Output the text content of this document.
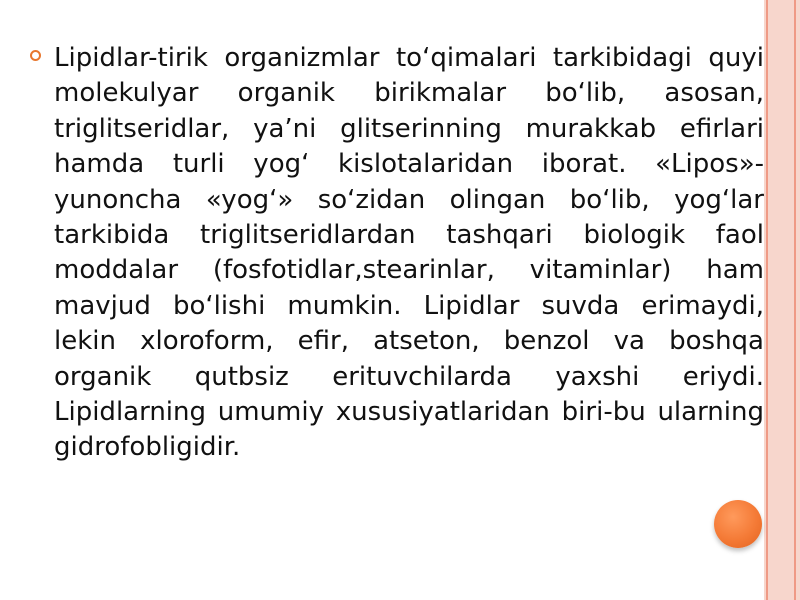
Lipidlar-tirik organizmlar to‘qimalari tarkibidagi quyi molekulyar organik birikmalar bo‘lib, asosan, triglitseridlar, ya’ni glitserinning murakkab efirlari hamda turli yog‘ kislotalaridan iborat. «Lipos»-yunoncha «yog‘» so‘zidan olingan bo‘lib, yog‘lar tarkibida triglitseridlardan tashqari biologik faol moddalar (fosfotidlar,stearinlar, vitaminlar) ham mavjud bo‘lishi mumkin. Lipidlar suvda erimaydi, lekin xloroform, efir, atseton, benzol va boshqa organik qutbsiz erituvchilarda yaxshi eriydi. Lipidlarning umumiy xususiyatlaridan biri-bu ularning gidrofobligidir.
